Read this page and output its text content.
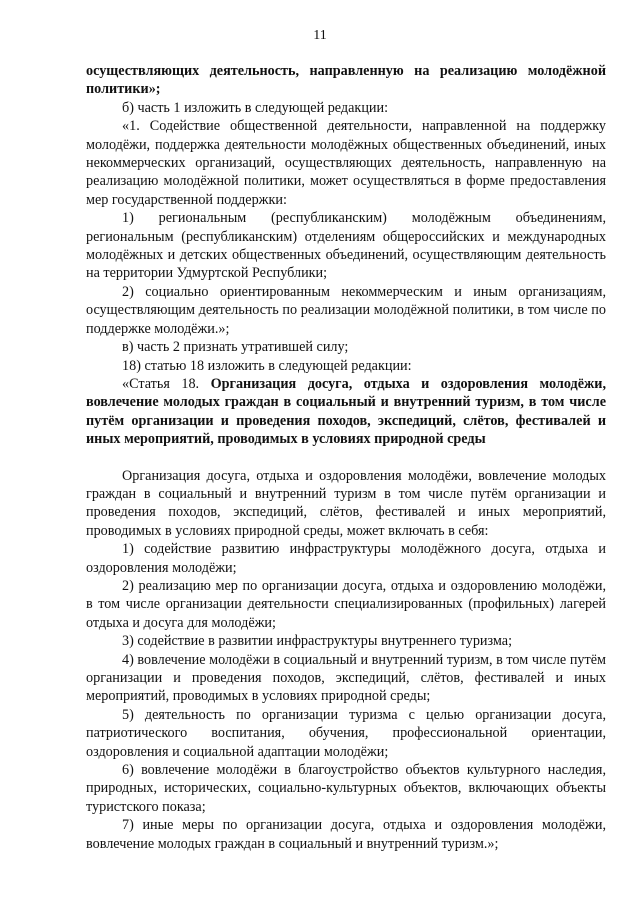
11

осуществляющих деятельность, направленную на реализацию молодёжной политики»;

б) часть 1 изложить в следующей редакции:

«1. Содействие общественной деятельности, направленной на поддержку молодёжи, поддержка деятельности молодёжных общественных объединений, иных некоммерческих организаций, осуществляющих деятельность, направленную на реализацию молодёжной политики, может осуществляться в форме предоставления мер государственной поддержки:

1) региональным (республиканским) молодёжным объединениям, региональным (республиканским) отделениям общероссийских и международных молодёжных и детских общественных объединений, осуществляющим деятельность на территории Удмуртской Республики;

2) социально ориентированным некоммерческим и иным организациям, осуществляющим деятельность по реализации молодёжной политики, в том числе по поддержке молодёжи.»;

в) часть 2 признать утратившей силу;

18) статью 18 изложить в следующей редакции:

«Статья 18. Организация досуга, отдыха и оздоровления молодёжи, вовлечение молодых граждан в социальный и внутренний туризм, в том числе путём организации и проведения походов, экспедиций, слётов, фестивалей и иных мероприятий, проводимых в условиях природной среды

Организация досуга, отдыха и оздоровления молодёжи, вовлечение молодых граждан в социальный и внутренний туризм в том числе путём организации и проведения походов, экспедиций, слётов, фестивалей и иных мероприятий, проводимых в условиях природной среды, может включать в себя:

1) содействие развитию инфраструктуры молодёжного досуга, отдыха и оздоровления молодёжи;

2) реализацию мер по организации досуга, отдыха и оздоровлению молодёжи, в том числе организации деятельности специализированных (профильных) лагерей отдыха и досуга для молодёжи;

3) содействие в развитии инфраструктуры внутреннего туризма;

4) вовлечение молодёжи в социальный и внутренний туризм, в том числе путём организации и проведения походов, экспедиций, слётов, фестивалей и иных мероприятий, проводимых в условиях природной среды;

5) деятельность по организации туризма с целью организации досуга, патриотического воспитания, обучения, профессиональной ориентации, оздоровления и социальной адаптации молодёжи;

6) вовлечение молодёжи в благоустройство объектов культурного наследия, природных, исторических, социально-культурных объектов, включающих объекты туристского показа;

7) иные меры по организации досуга, отдыха и оздоровления молодёжи, вовлечение молодых граждан в социальный и внутренний туризм.»;
